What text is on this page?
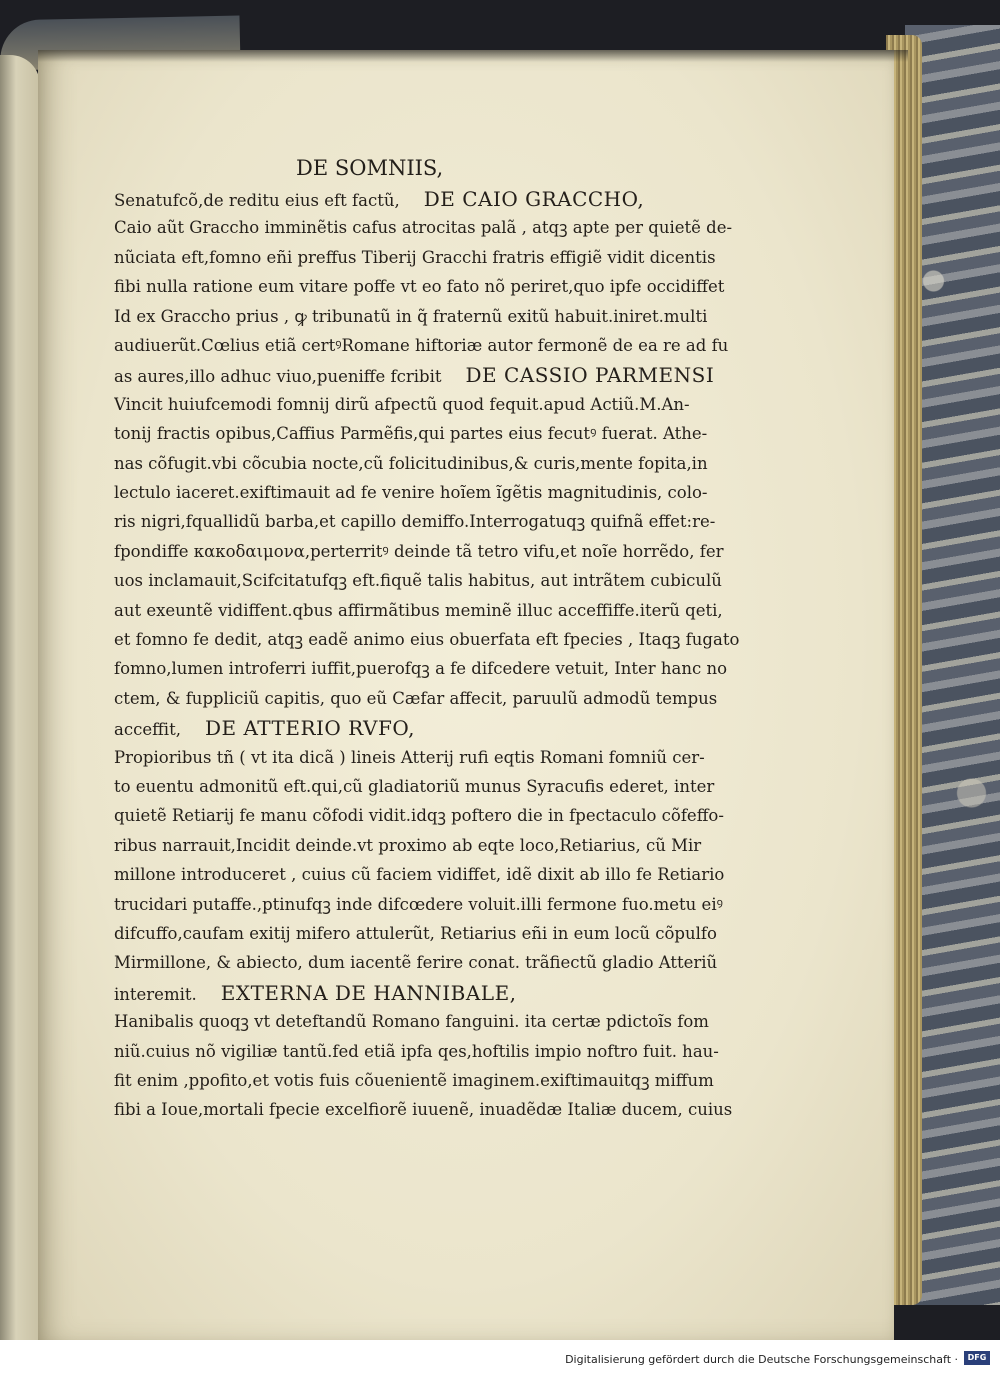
DE SOMNIIS,
Senatufcõ,de reditu eius eft factũ, DE CAIO GRACCHO,
Caio aũt Graccho imminẽtis cafus atrocitas palã , atqꝫ apte per quietẽ de-
nũciata eft,fomno eñi preffus Tiberij Gracchi fratris effigiẽ vidit dicentis
fibi nulla ratione eum vitare poffe vt eo fato nõ periret,quo ipfe occidiffet
Id ex Graccho prius , ꝙ tribunatũ in q̃ fraternũ exitũ habuit.iniret.multi
audiuerũt.Cœlius etiã certꝰRomane hiftoriæ autor fermonẽ de ea re ad fu
as aures,illo adhuc viuo,pueniffe fcribit DE CASSIO PARMENSI
Vincit huiufcemodi fomnij dirũ afpectũ quod fequit.apud Actiũ.M.An-
tonij fractis opibus,Caffius Parmẽfis,qui partes eius fecutꝰ fuerat. Athe-
nas cõfugit.vbi cõcubia nocte,cũ folicitudinibus,& curis,mente fopita,in
lectulo iaceret.exiftimauit ad fe venire hoĩem ĩgẽtis magnitudinis, colo-
ris nigri,fquallidũ barba,et capillo demiffo.Interrogatuqꝫ quifnã effet:re-
fpondiffe κακοδαιμονα,perterritꝰ deinde tã tetro vifu,et noĩe horrẽdo, fer
uos inclamauit,Scifcitatufqꝫ eft.fiquẽ talis habitus, aut intrãtem cubiculũ
aut exeuntẽ vidiffent.qbus affirmãtibus meminẽ illuc acceffiffe.iterũ qeti,
et fomno fe dedit, atqꝫ eadẽ animo eius obuerfata eft fpecies , Itaqꝫ fugato
fomno,lumen introferri iuffit,puerofqꝫ a fe difcedere vetuit, Inter hanc no
ctem, & fuppliciũ capitis, quo eũ Cæfar affecit, paruulũ admodũ tempus
acceffit, DE ATTERIO RVFO,
Propioribus tñ ( vt ita dicã ) lineis Atterij rufi eqtis Romani fomniũ cer-
to euentu admonitũ eft.qui,cũ gladiatoriũ munus Syracufis ederet, inter
quietẽ Retiarij fe manu cõfodi vidit.idqꝫ poftero die in fpectaculo cõfeffo-
ribus narrauit,Incidit deinde.vt proximo ab eqte loco,Retiarius, cũ Mir
millone introduceret , cuius cũ faciem vidiffet, idẽ dixit ab illo fe Retiario
trucidari putaffe.,ptinufqꝫ inde difcœdere voluit.illi fermone fuo.metu eiꝰ
difcuffo,caufam exitij mifero attulerũt, Retiarius eñi in eum locũ cõpulfo
Mirmillone, & abiecto, dum iacentẽ ferire conat. trãfiectũ gladio Atteriũ
interemit. EXTERNA DE HANNIBALE,
Hanibalis quoqꝫ vt deteftandũ Romano fanguini. ita certæ pdictoĩs fom
niũ.cuius nõ vigiliæ tantũ.fed etiã ipfa qes,hoftilis impio noftro fuit. hau-
fit enim ,ppofito,et votis fuis cõuenientẽ imaginem.exiftimauitqꝫ miffum
fibi a Ioue,mortali fpecie excelfiorẽ iuuenẽ, inuadẽdæ Italiæ ducem, cuius
Digitalisierung gefördert durch die Deutsche Forschungsgemeinschaft ·	DFG
